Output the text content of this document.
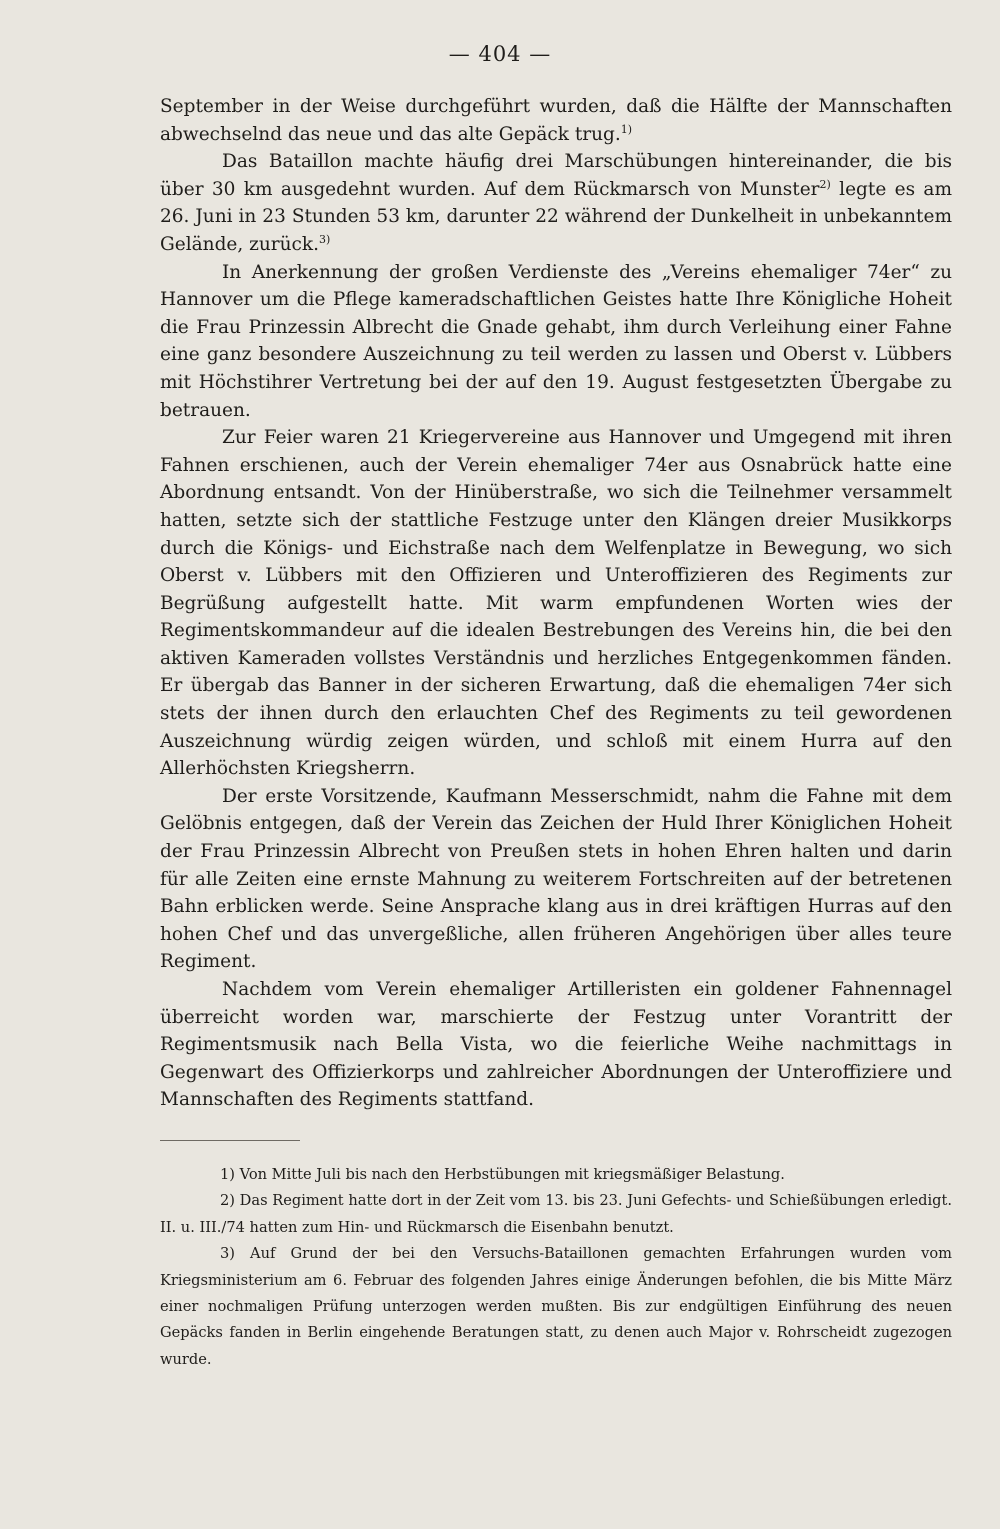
— 404 —

September in der Weise durchgeführt wurden, daß die Hälfte der Mannschaften abwechselnd das neue und das alte Gepäck trug.$^{1)}$

Das Bataillon machte häufig drei Marschübungen hintereinander, die bis über 30 km ausgedehnt wurden. Auf dem Rückmarsch von Munster$^{2)}$ legte es am 26. Juni in 23 Stunden 53 km, darunter 22 während der Dunkelheit in unbekanntem Gelände, zurück.$^{3)}$

In Anerkennung der großen Verdienste des „Vereins ehemaliger 74er“ zu Hannover um die Pflege kameradschaftlichen Geistes hatte Ihre Königliche Hoheit die Frau Prinzessin Albrecht die Gnade gehabt, ihm durch Verleihung einer Fahne eine ganz besondere Auszeichnung zu teil werden zu lassen und Oberst v. Lübbers mit Höchstihrer Vertretung bei der auf den 19. August festgesetzten Übergabe zu betrauen.

Zur Feier waren 21 Kriegervereine aus Hannover und Umgegend mit ihren Fahnen erschienen, auch der Verein ehemaliger 74er aus Osnabrück hatte eine Abordnung entsandt. Von der Hinüberstraße, wo sich die Teilnehmer versammelt hatten, setzte sich der stattliche Festzuge unter den Klängen dreier Musikkorps durch die Königs- und Eichstraße nach dem Welfenplatze in Bewegung, wo sich Oberst v. Lübbers mit den Offizieren und Unteroffizieren des Regiments zur Begrüßung aufgestellt hatte. Mit warm empfundenen Worten wies der Regimentskommandeur auf die idealen Bestrebungen des Vereins hin, die bei den aktiven Kameraden vollstes Verständnis und herzliches Entgegenkommen fänden. Er übergab das Banner in der sicheren Erwartung, daß die ehemaligen 74er sich stets der ihnen durch den erlauchten Chef des Regiments zu teil gewordenen Auszeichnung würdig zeigen würden, und schloß mit einem Hurra auf den Allerhöchsten Kriegsherrn.

Der erste Vorsitzende, Kaufmann Messerschmidt, nahm die Fahne mit dem Gelöbnis entgegen, daß der Verein das Zeichen der Huld Ihrer Königlichen Hoheit der Frau Prinzessin Albrecht von Preußen stets in hohen Ehren halten und darin für alle Zeiten eine ernste Mahnung zu weiterem Fortschreiten auf der betretenen Bahn erblicken werde. Seine Ansprache klang aus in drei kräftigen Hurras auf den hohen Chef und das unvergeßliche, allen früheren Angehörigen über alles teure Regiment.

Nachdem vom Verein ehemaliger Artilleristen ein goldener Fahnennagel überreicht worden war, marschierte der Festzug unter Vorantritt der Regimentsmusik nach Bella Vista, wo die feierliche Weihe nachmittags in Gegenwart des Offizierkorps und zahlreicher Abordnungen der Unteroffiziere und Mannschaften des Regiments stattfand.

1) Von Mitte Juli bis nach den Herbstübungen mit kriegsmäßiger Belastung.

2) Das Regiment hatte dort in der Zeit vom 13. bis 23. Juni Gefechts- und Schießübungen erledigt. II. u. III./74 hatten zum Hin- und Rückmarsch die Eisenbahn benutzt.

3) Auf Grund der bei den Versuchs-Bataillonen gemachten Erfahrungen wurden vom Kriegsministerium am 6. Februar des folgenden Jahres einige Änderungen befohlen, die bis Mitte März einer nochmaligen Prüfung unterzogen werden mußten. Bis zur endgültigen Einführung des neuen Gepäcks fanden in Berlin eingehende Beratungen statt, zu denen auch Major v. Rohrscheidt zugezogen wurde.
